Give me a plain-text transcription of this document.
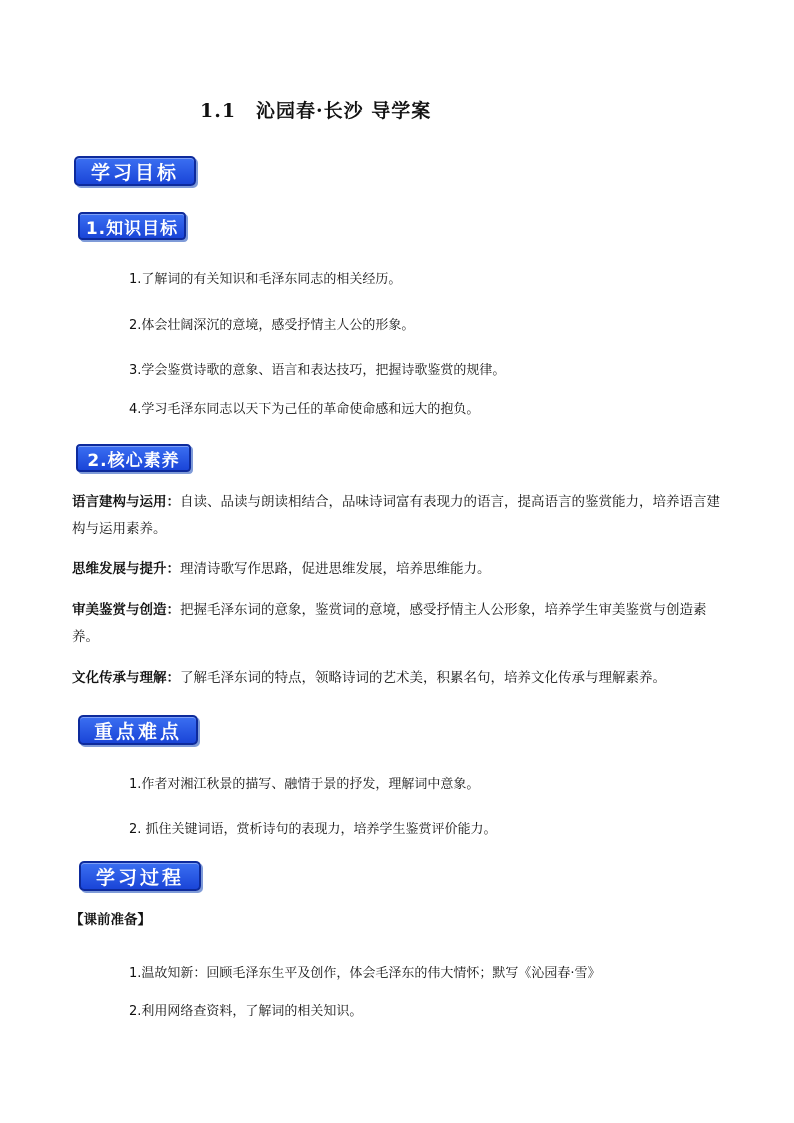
1.1　沁园春·长沙 导学案
学习目标
1.知识目标
1.了解词的有关知识和毛泽东同志的相关经历。
2.体会壮阔深沉的意境，感受抒情主人公的形象。
3.学会鉴赏诗歌的意象、语言和表达技巧，把握诗歌鉴赏的规律。
4.学习毛泽东同志以天下为己任的革命使命感和远大的抱负。
2.核心素养
语言建构与运用：自读、品读与朗读相结合，品味诗词富有表现力的语言，提高语言的鉴赏能力，培养语言建构与运用素养。
思维发展与提升：理清诗歌写作思路，促进思维发展，培养思维能力。
审美鉴赏与创造：把握毛泽东词的意象，鉴赏词的意境，感受抒情主人公形象，培养学生审美鉴赏与创造素养。
文化传承与理解：了解毛泽东词的特点，领略诗词的艺术美，积累名句，培养文化传承与理解素养。
重点难点
1.作者对湘江秋景的描写、融情于景的抒发，理解词中意象。
2. 抓住关键词语，赏析诗句的表现力，培养学生鉴赏评价能力。
学习过程
【课前准备】
1.温故知新：回顾毛泽东生平及创作，体会毛泽东的伟大情怀；默写《沁园春·雪》
2.利用网络查资料，了解词的相关知识。
